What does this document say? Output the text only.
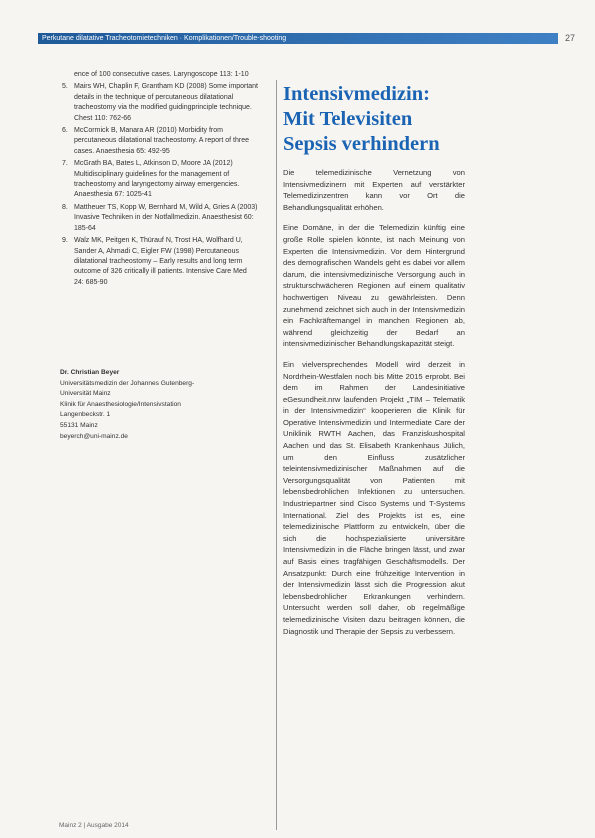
Perkutane dilatative Tracheotomietechniken · Komplikationen/Trouble-shooting	27
ence of 100 consecutive cases. Laryngoscope 113: 1-10
5. Mairs WH, Chaplin F, Grantham KD (2008) Some important details in the technique of percutaneous dilatational tracheostomy via the modified guidingprinciple technique. Chest 110: 762-66
6. McCormick B, Manara AR (2010) Morbidity from percutaneous dilatational tracheostomy. A report of three cases. Anaesthesia 65: 492-95
7. McGrath BA, Bates L, Atkinson D, Moore JA (2012) Multidisciplinary guidelines for the management of tracheostomy and laryngectomy airway emergencies. Anaesthesia 67: 1025-41
8. Mattheuer TS, Kopp W, Bernhard M, Wild A, Gries A (2003) Invasive Techniken in der Notfallmedizin. Anaesthesist 60: 185-64
9. Walz MK, Peitgen K, Thürauf N, Trost HA, Wolfhard U, Sander A, Ahmadi C, Eigler FW (1998) Percutaneous dilatational tracheostomy – Early results and long term outcome of 326 critically ill patients. Intensive Care Med 24: 685-90
Dr. Christian Beyer
Universitätsmedizin der Johannes Gutenberg-
Universität Mainz
Klinik für Anaesthesiologie/Intensivstation
Langenbeckstr. 1
55131 Mainz
beyerch@uni-mainz.de
Intensivmedizin:
Mit Televisiten
Sepsis verhindern

Die telemedizinische Vernetzung von Intensivmedizinern mit Experten auf verstärkter Telemedizinzentren kann vor Ort die Behandlungsqualität erhöhen.

Eine Domäne, in der die Telemedizin künftig eine große Rolle spielen könnte, ist nach Meinung von Experten die Intensivmedizin. Vor dem Hintergrund des demografischen Wandels geht es dabei vor allem darum, die intensivmedizinische Versorgung auch in strukturschwächeren Regionen auf einem qualitativ hochwertigen Niveau zu gewährleisten. Denn zunehmend zeichnet sich auch in der Intensivmedizin ein Fachkräftemangel in manchen Regionen ab, während gleichzeitig der Bedarf an intensivmedizinischer Behandlungskapazität steigt.

Ein vielversprechendes Modell wird derzeit in Nordrhein-Westfalen noch bis Mitte 2015 erprobt. Bei dem im Rahmen der Landesinitiative eGesundheit.nrw laufenden Projekt „TIM – Telematik in der Intensivmedizin“ kooperieren die Klinik für Operative Intensivmedizin und Intermediate Care der Uniklinik RWTH Aachen, das Franziskushospital Aachen und das St. Elisabeth Krankenhaus Jülich, um den Einfluss zusätzlicher teleintensivmedizinischer Maßnahmen auf die Versorgungsqualität von Patienten mit lebensbedrohlichen Infektionen zu untersuchen. Industriepartner sind Cisco Systems und T-Systems International. Ziel des Projekts ist es, eine telemedizinische Plattform zu entwickeln, über die sich die hochspezialisierte universitäre Intensivmedizin in die Fläche bringen lässt, und zwar auf Basis eines tragfähigen Geschäftsmodells. Der Ansatzpunkt: Durch eine frühzeitige Intervention in der Intensivmedizin lässt sich die Progression akut lebensbedrohlicher Erkrankungen verhindern. Untersucht werden soll daher, ob regelmäßige telemedizinische Visiten dazu beitragen können, die Diagnostik und Therapie der Sepsis zu verbessern.

Mainz 2 | Ausgabe 2014
